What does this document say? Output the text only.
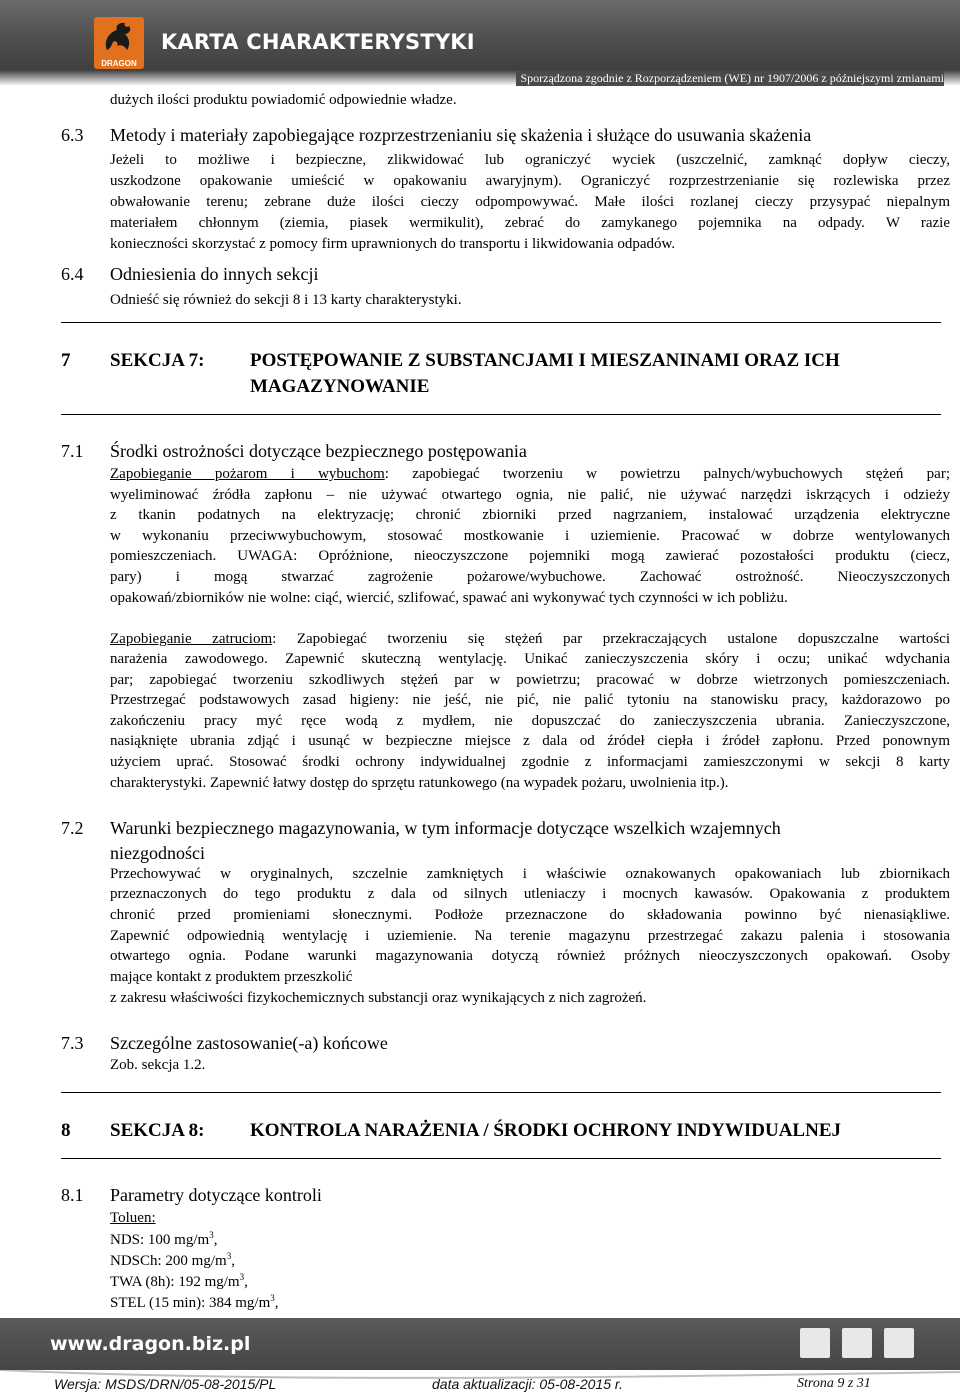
DRAGON
KARTA CHARAKTERYSTYKI
Sporządzona zgodnie z Rozporządzeniem (WE) nr 1907/2006 z późniejszymi zmianami
dużych ilości produktu powiadomić odpowiednie władze.
6.3 Metody i materiały zapobiegające rozprzestrzenianiu się skażenia i służące do usuwania skażenia
Jeżeli to możliwe i bezpieczne, zlikwidować lub ograniczyć wyciek (uszczelnić, zamknąć dopływ cieczy,
uszkodzone opakowanie umieścić w opakowaniu awaryjnym). Ograniczyć rozprzestrzenianie się rozlewiska przez
obwałowanie terenu; zebrane duże ilości cieczy odpompowywać. Małe ilości rozlanej cieczy przysypać niepalnym
materiałem chłonnym (ziemia, piasek wermikulit), zebrać do zamykanego pojemnika na odpady. W razie
konieczności skorzystać z pomocy firm uprawnionych do transportu i likwidowania odpadów.
6.4 Odniesienia do innych sekcji
Odnieść się również do sekcji 8 i 13 karty charakterystyki.
7 SEKCJA 7: POSTĘPOWANIE Z SUBSTANCJAMI I MIESZANINAMI ORAZ ICH
MAGAZYNOWANIE
7.1 Środki ostrożności dotyczące bezpiecznego postępowania
Zapobieganie pożarom i wybuchom: zapobiegać tworzeniu w powietrzu palnych/wybuchowych stężeń par;
wyeliminować źródła zapłonu – nie używać otwartego ognia, nie palić, nie używać narzędzi iskrzących i odzieży
z tkanin podatnych na elektryzację; chronić zbiorniki przed nagrzaniem, instalować urządzenia elektryczne
w wykonaniu przeciwwybuchowym, stosować mostkowanie i uziemienie. Pracować w dobrze wentylowanych
pomieszczeniach. UWAGA: Opróżnione, nieoczyszczone pojemniki mogą zawierać pozostałości produktu (ciecz,
pary) i mogą stwarzać zagrożenie pożarowe/wybuchowe. Zachować ostrożność. Nieoczyszczonych
opakowań/zbiorników nie wolne: ciąć, wiercić, szlifować, spawać ani wykonywać tych czynności w ich pobliżu.
Zapobieganie zatruciom: Zapobiegać tworzeniu się stężeń par przekraczających ustalone dopuszczalne wartości
narażenia zawodowego. Zapewnić skuteczną wentylację. Unikać zanieczyszczenia skóry i oczu; unikać wdychania
par; zapobiegać tworzeniu szkodliwych stężeń par w powietrzu; pracować w dobrze wietrzonych pomieszczeniach.
Przestrzegać podstawowych zasad higieny: nie jeść, nie pić, nie palić tytoniu na stanowisku pracy, każdorazowo po
zakończeniu pracy myć ręce wodą z mydłem, nie dopuszczać do zanieczyszczenia ubrania. Zanieczyszczone,
nasiąknięte ubrania zdjąć i usunąć w bezpieczne miejsce z dala od źródeł ciepła i źródeł zapłonu. Przed ponownym
użyciem uprać. Stosować środki ochrony indywidualnej zgodnie z informacjami zamieszczonymi w sekcji 8 karty
charakterystyki. Zapewnić łatwy dostęp do sprzętu ratunkowego (na wypadek pożaru, uwolnienia itp.).
7.2 Warunki bezpiecznego magazynowania, w tym informacje dotyczące wszelkich wzajemnych
niezgodności
Przechowywać w oryginalnych, szczelnie zamkniętych i właściwie oznakowanych opakowaniach lub zbiornikach
przeznaczonych do tego produktu z dala od silnych utleniaczy i mocnych kawasów. Opakowania z produktem
chronić przed promieniami słonecznymi. Podłoże przeznaczone do składowania powinno być nienasiąkliwe.
Zapewnić odpowiednią wentylację i uziemienie. Na terenie magazynu przestrzegać zakazu palenia i stosowania
otwartego ognia. Podane warunki magazynowania dotyczą również próżnych nieoczyszczonych opakowań. Osoby
mające kontakt z produktem przeszkolić
z zakresu właściwości fizykochemicznych substancji oraz wynikających z nich zagrożeń.
7.3 Szczególne zastosowanie(-a) końcowe
Zob. sekcja 1.2.
8 SEKCJA 8: KONTROLA NARAŻENIA / ŚRODKI OCHRONY INDYWIDUALNEJ
8.1 Parametry dotyczące kontroli
Toluen:
NDS: 100 $mg/m^3$,
NDSCh: 200 $mg/m^3$,
TWA (8h): 192 $mg/m^3$,
STEL (15 min): 384 $mg/m^3$,
www.dragon.biz.pl
Wersja: MSDS/DRN/05-08-2015/PL	data aktualizacji: 05-08-2015 r.	Strona 9 z 31
